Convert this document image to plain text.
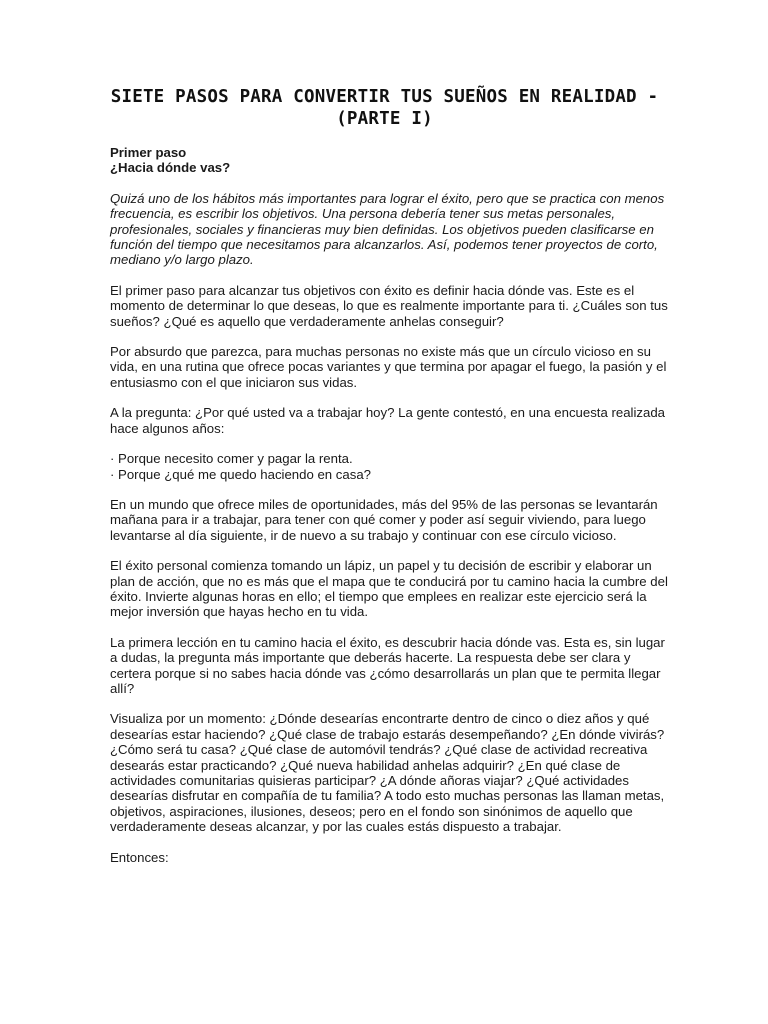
SIETE PASOS PARA CONVERTIR TUS SUEÑOS EN REALIDAD - (PARTE I)

Primer paso

¿Hacia dónde vas?

Quizá uno de los hábitos más importantes para lograr el éxito, pero que se practica con menos frecuencia, es escribir los objetivos. Una persona debería tener sus metas personales, profesionales, sociales y financieras muy bien definidas. Los objetivos pueden clasificarse en función del tiempo que necesitamos para alcanzarlos. Así, podemos tener proyectos de corto, mediano y/o largo plazo.

El primer paso para alcanzar tus objetivos con éxito es definir hacia dónde vas. Este es el momento de determinar lo que deseas, lo que es realmente importante para ti. ¿Cuáles son tus sueños? ¿Qué es aquello que verdaderamente anhelas conseguir?

Por absurdo que parezca, para muchas personas no existe más que un círculo vicioso en su vida, en una rutina que ofrece pocas variantes y que termina por apagar el fuego, la pasión y el entusiasmo con el que iniciaron sus vidas.

A la pregunta: ¿Por qué usted va a trabajar hoy? La gente contestó, en una encuesta realizada hace algunos años:

· Porque necesito comer y pagar la renta.
· Porque ¿qué me quedo haciendo en casa?

En un mundo que ofrece miles de oportunidades, más del 95% de las personas se levantarán mañana para ir a trabajar, para tener con qué comer y poder así seguir viviendo, para luego levantarse al día siguiente, ir de nuevo a su trabajo y continuar con ese círculo vicioso.

El éxito personal comienza tomando un lápiz, un papel y tu decisión de escribir y elaborar un plan de acción, que no es más que el mapa que te conducirá por tu camino hacia la cumbre del éxito. Invierte algunas horas en ello; el tiempo que emplees en realizar este ejercicio será la mejor inversión que hayas hecho en tu vida.

La primera lección en tu camino hacia el éxito, es descubrir hacia dónde vas. Esta es, sin lugar a dudas, la pregunta más importante que deberás hacerte. La respuesta debe ser clara y certera porque si no sabes hacia dónde vas ¿cómo desarrollarás un plan que te permita llegar allí?

Visualiza por un momento: ¿Dónde desearías encontrarte dentro de cinco o diez años y qué desearías estar haciendo? ¿Qué clase de trabajo estarás desempeñando? ¿En dónde vivirás? ¿Cómo será tu casa? ¿Qué clase de automóvil tendrás? ¿Qué clase de actividad recreativa desearás estar practicando? ¿Qué nueva habilidad anhelas adquirir? ¿En qué clase de actividades comunitarias quisieras participar? ¿A dónde añoras viajar? ¿Qué actividades desearías disfrutar en compañía de tu familia? A todo esto muchas personas las llaman metas, objetivos, aspiraciones, ilusiones, deseos; pero en el fondo son sinónimos de aquello que verdaderamente deseas alcanzar, y por las cuales estás dispuesto a trabajar.

Entonces:
